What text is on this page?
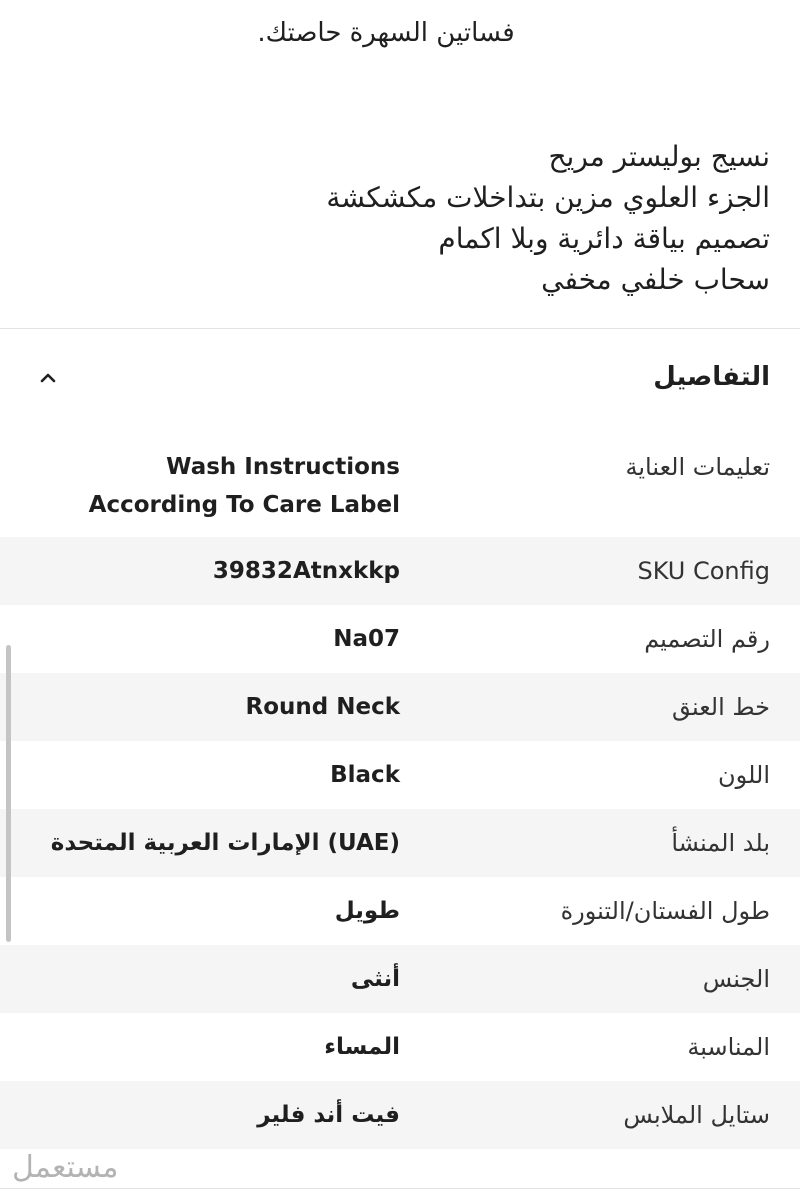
فساتين السهرة حاصتك.
نسيج بوليستر مريح
الجزء العلوي مزين بتداخلات مكشكشة
تصميم بياقة دائرية وبلا اكمام
سحاب خلفي مخفي
التفاصيل
تعليمات العناية
Wash Instructions According To Care Label
SKU Config
39832Atnxkkp
رقم التصميم
Na07
خط العنق
Round Neck
اللون
Black
بلد المنشأ
الإمارات العربية المتحدة (UAE)
طول الفستان/التنورة
طويل
الجنس
أنثى
المناسبة
المساء
ستايل الملابس
فيت أند فلير
مستعمل
